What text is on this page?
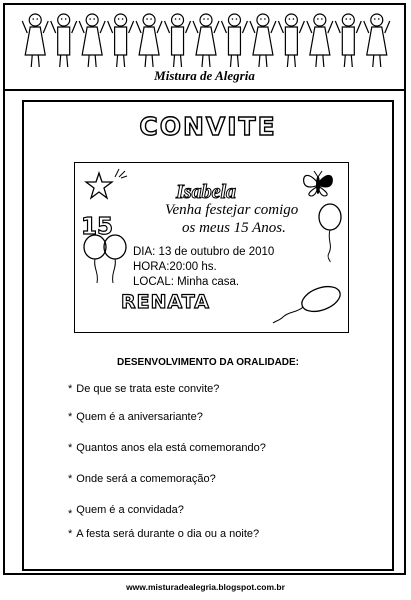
Mistura de Alegria
CONVITE
Isabela
Venha festejar comigo
os meus 15 Anos.
15
DIA: 13 de outubro de 2010
HORA:20:00 hs.
LOCAL: Minha casa.
RENATA
DESENVOLVIMENTO DA ORALIDADE:
* De que se trata este convite?
* Quem é a aniversariante?
* Quantos anos ela está comemorando?
* Onde será a comemoração?
* Quem é a convidada?
* A festa será durante o dia ou a noite?
www.misturadealegria.blogspot.com.br
